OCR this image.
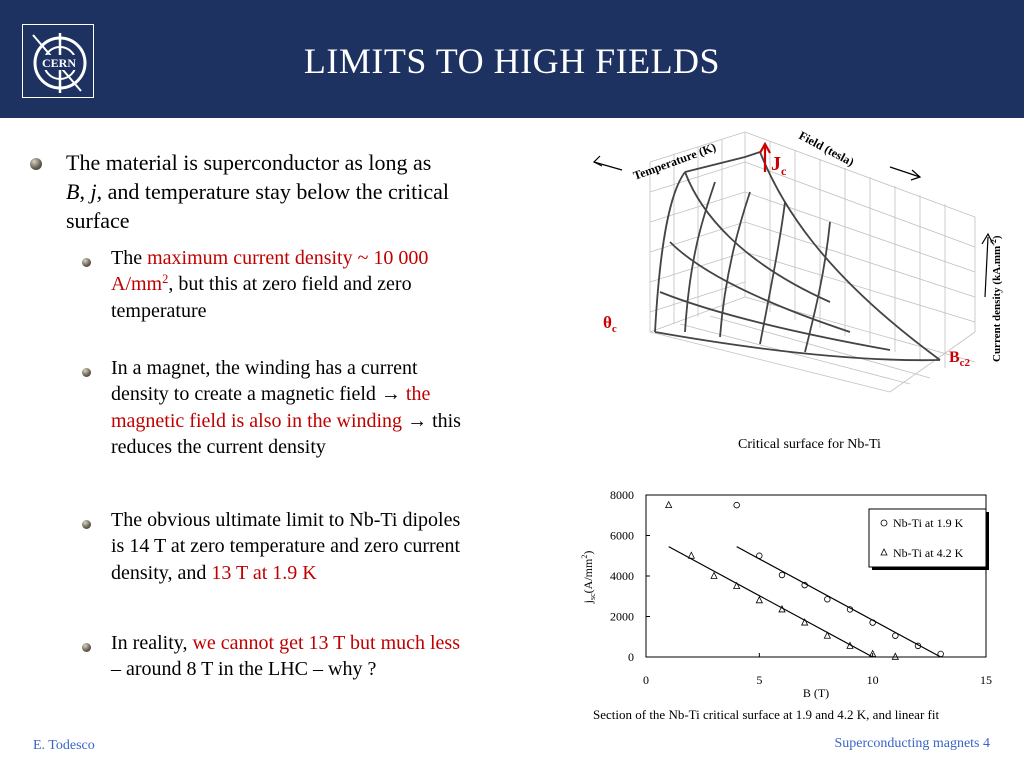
CERN	LIMITS TO HIGH FIELDS
The material is superconductor as long as
B, j, and temperature stay below the critical
surface
The maximum current density ~ 10 000
$A/mm^2$, but this at zero field and zero
temperature
In a magnet, the winding has a current
density to create a magnetic field → the
magnetic field is also in the winding → this
reduces the current density
The obvious ultimate limit to Nb-Ti dipoles
is 14 T at zero temperature and zero current
density, and 13 T at 1.9 K
In reality, we cannot get 13 T but much less
– around 8 T in the LHC – why ?
Temperature (K)	Field (tesla)
Current density $(kA.mm^{-2})$
$J_c$
$\theta_c$
$B_{c2}$
Critical surface for Nb-Ti
0	5	10	15
0
2000
4000
6000
8000
$j_{sc}(A/mm^2)$
B (T)
Nb-Ti at 1.9 K
Nb-Ti at 4.2 K
Section of the Nb-Ti critical surface at 1.9 and 4.2 K, and linear fit
E. Todesco	Superconducting magnets 4
